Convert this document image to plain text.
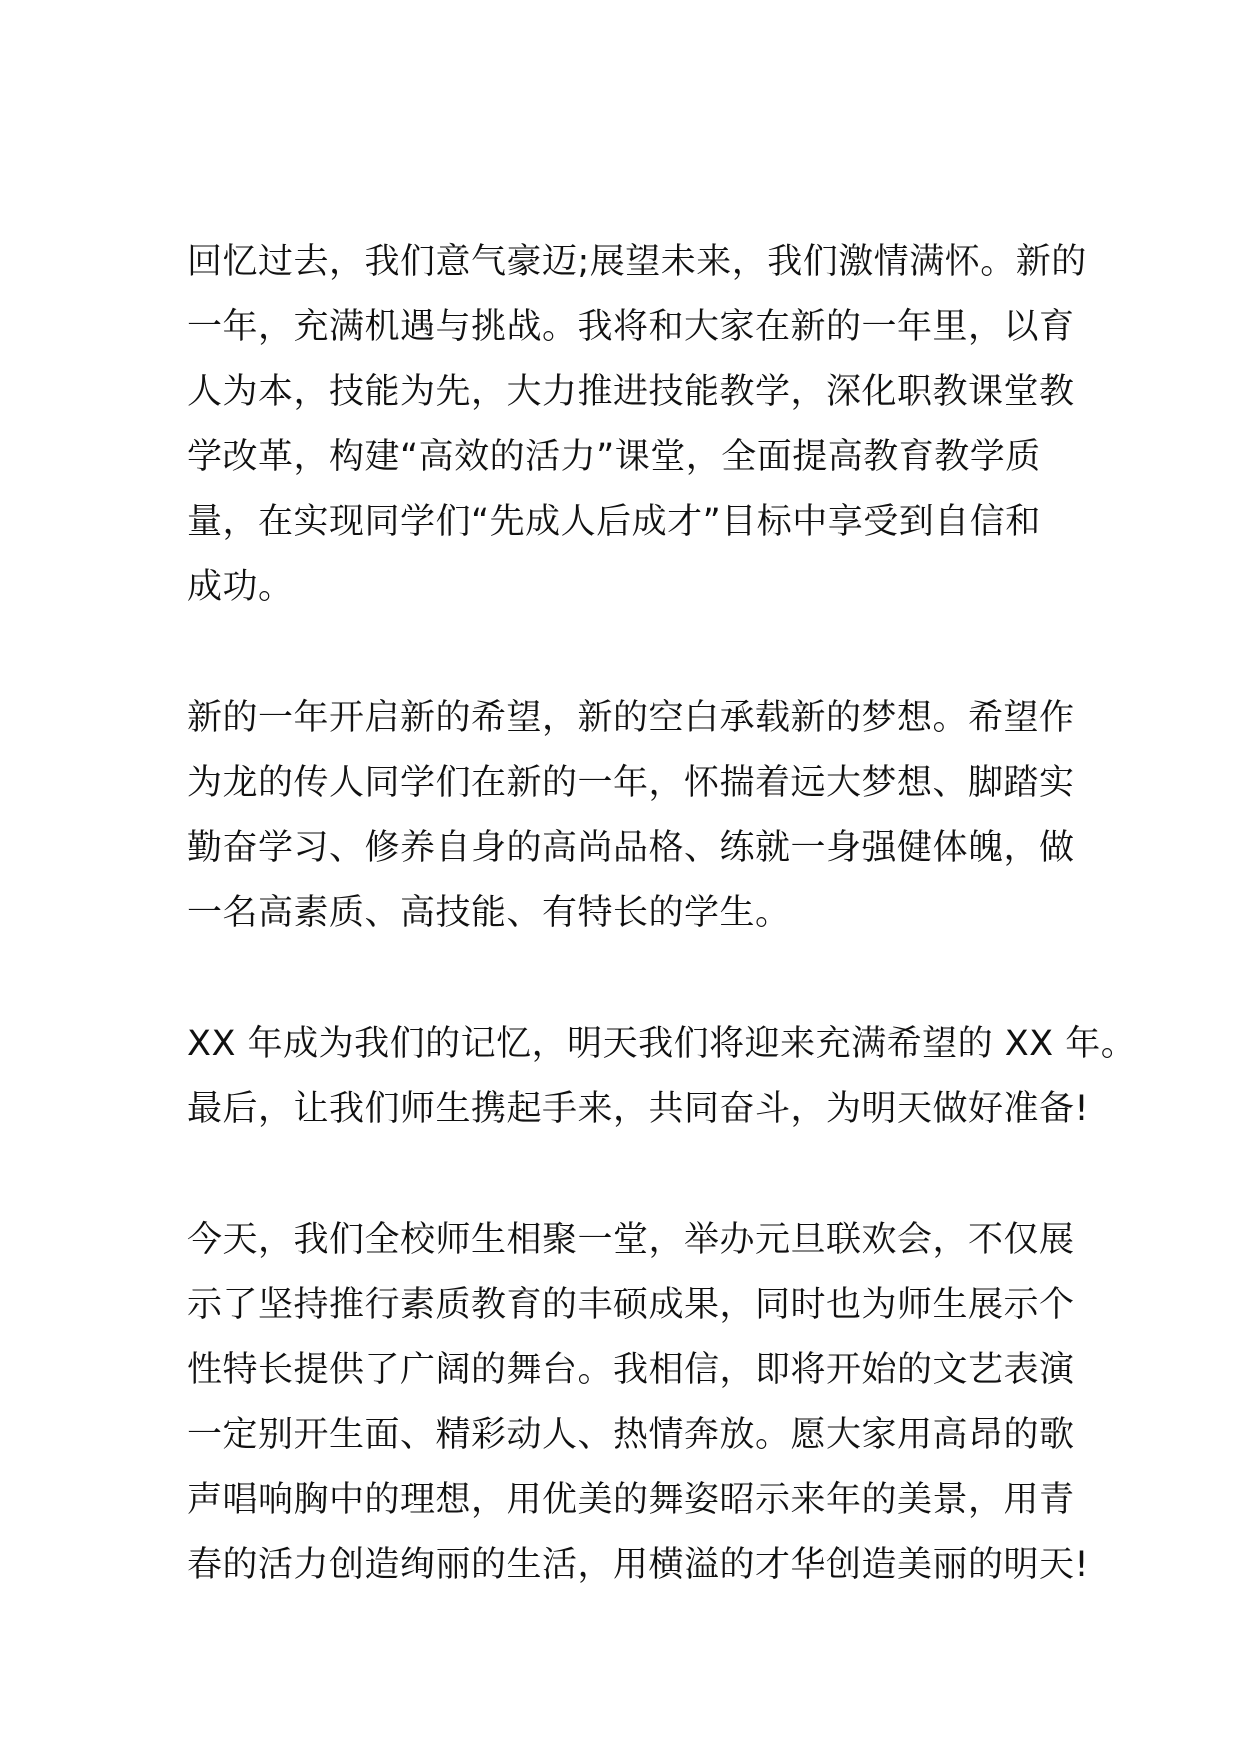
回忆过去，我们意气豪迈;展望未来，我们激情满怀。新的
一年，充满机遇与挑战。我将和大家在新的一年里，以育
人为本，技能为先，大力推进技能教学，深化职教课堂教
学改革，构建“高效的活力”课堂，全面提高教育教学质
量，在实现同学们“先成人后成才”目标中享受到自信和
成功。
新的一年开启新的希望，新的空白承载新的梦想。希望作
为龙的传人同学们在新的一年，怀揣着远大梦想、脚踏实
勤奋学习、修养自身的高尚品格、练就一身强健体魄，做
一名高素质、高技能、有特长的学生。
XX 年成为我们的记忆，明天我们将迎来充满希望的 XX 年。
最后，让我们师生携起手来，共同奋斗，为明天做好准备!
今天，我们全校师生相聚一堂，举办元旦联欢会，不仅展
示了坚持推行素质教育的丰硕成果，同时也为师生展示个
性特长提供了广阔的舞台。我相信，即将开始的文艺表演
一定别开生面、精彩动人、热情奔放。愿大家用高昂的歌
声唱响胸中的理想，用优美的舞姿昭示来年的美景，用青
春的活力创造绚丽的生活，用横溢的才华创造美丽的明天!
